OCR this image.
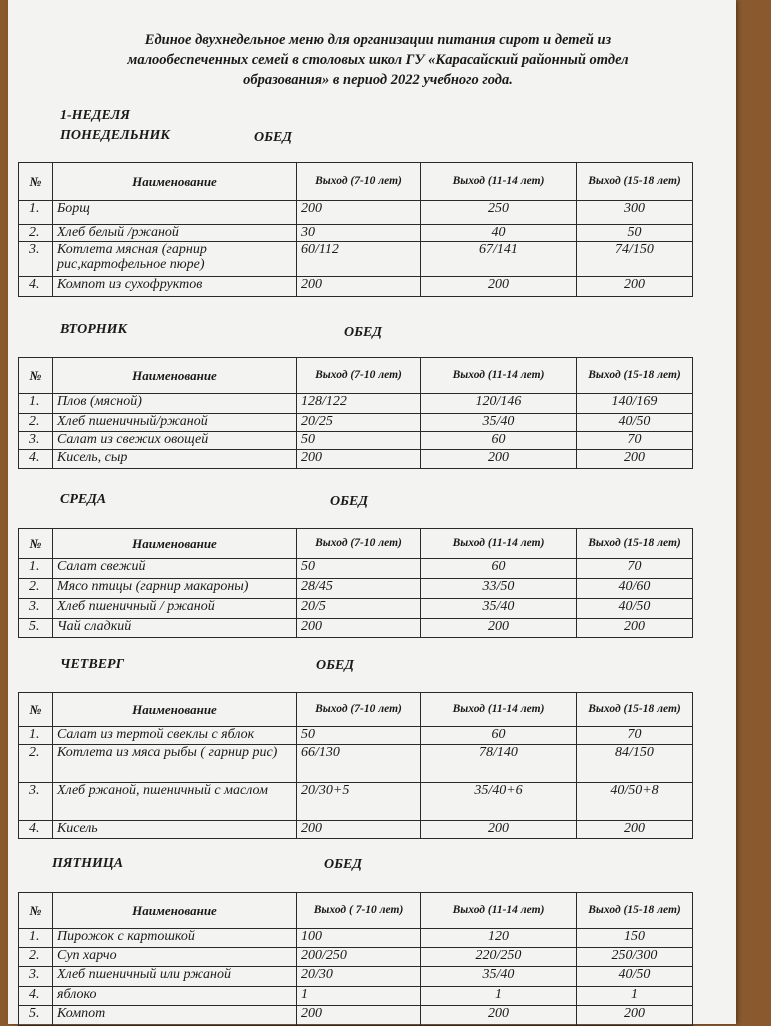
Единое двухнедельное меню для организации питания сирот и детей из малообеспеченных семей в столовых школ ГУ «Карасайский районный отдел образования» в период 2022 учебного года.
1-НЕДЕЛЯ
ПОНЕДЕЛЬНИК	ОБЕД
№	Наименование	Выход (7-10 лет)	Выход (11-14 лет)	Выход (15-18 лет)
1.	Борщ	200	250	300
2.	Хлеб белый /ржаной	30	40	50
3.	Котлета мясная (гарнир рис,картофельное пюре)	60/112	67/141	74/150
4.	Компот из сухофруктов	200	200	200
ВТОРНИК	ОБЕД
№	Наименование	Выход (7-10 лет)	Выход (11-14 лет)	Выход (15-18 лет)
1.	Плов (мясной)	128/122	120/146	140/169
2.	Хлеб пшеничный/ржаной	20/25	35/40	40/50
3.	Салат из свежих овощей	50	60	70
4.	Кисель, сыр	200	200	200
СРЕДА	ОБЕД
№	Наименование	Выход (7-10 лет)	Выход (11-14 лет)	Выход (15-18 лет)
1.	Салат свежий	50	60	70
2.	Мясо птицы (гарнир макароны)	28/45	33/50	40/60
3.	Хлеб пшеничный / ржаной	20/5	35/40	40/50
5.	Чай сладкий	200	200	200
ЧЕТВЕРГ	ОБЕД
№	Наименование	Выход (7-10 лет)	Выход (11-14 лет)	Выход (15-18 лет)
1.	Салат из тертой свеклы с яблок	50	60	70
2.	Котлета из мяса рыбы ( гарнир рис)	66/130	78/140	84/150
3.	Хлеб ржаной, пшеничный с маслом	20/30+5	35/40+6	40/50+8
4.	Кисель	200	200	200
ПЯТНИЦА	ОБЕД
№	Наименование	Выход ( 7-10 лет)	Выход (11-14 лет)	Выход (15-18 лет)
1.	Пирожок с картошкой	100	120	150
2.	Суп харчо	200/250	220/250	250/300
3.	Хлеб пшеничный или ржаной	20/30	35/40	40/50
4.	яблоко	1	1	1
5.	Компот	200	200	200
